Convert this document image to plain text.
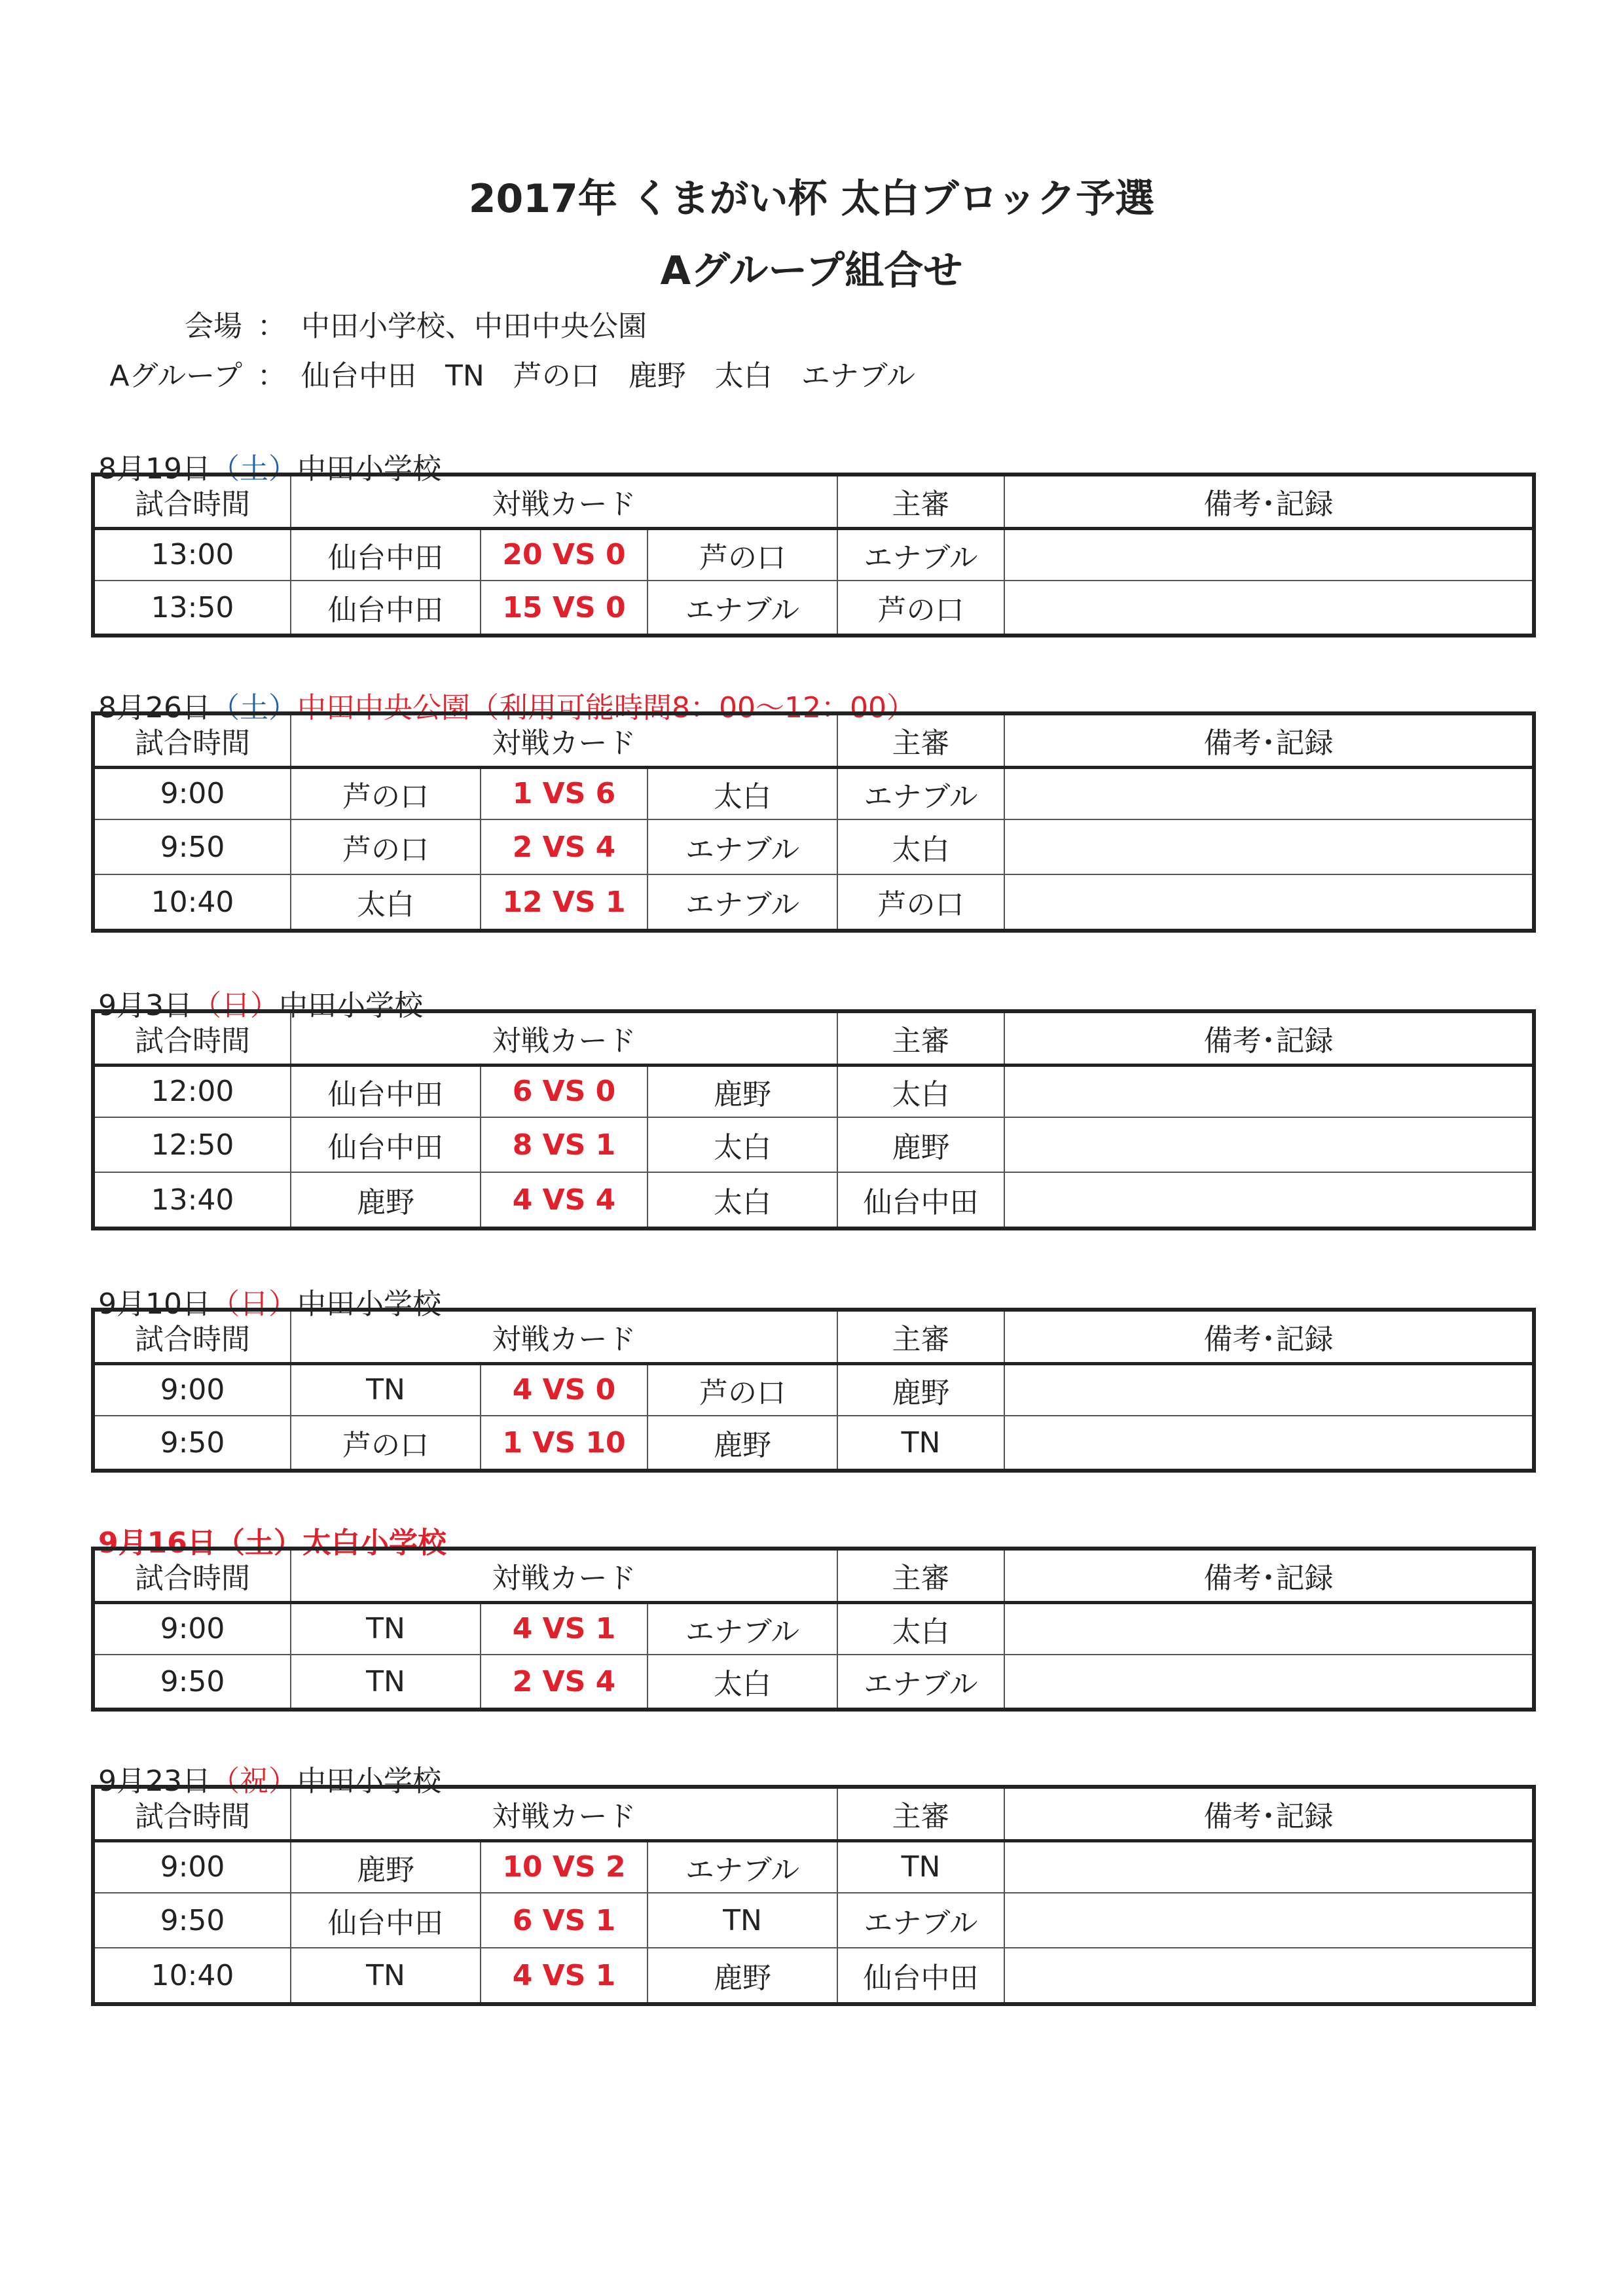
2017年 くまがい杯 太白ブロック予選
Aグループ組合せ
会場 ： 中田小学校、中田中央公園
Aグループ ： 仙台中田　TN　芦の口　鹿野　太白　エナブル
8月19日（土）中田小学校
試合時間	対戦カード			主審	備考･記録
13:00	仙台中田	20 VS 0	芦の口	エナブル	
13:50	仙台中田	15 VS 0	エナブル	芦の口	
8月26日（土）中田中央公園（利用可能時間8：00～12：00）
試合時間	対戦カード			主審	備考･記録
9:00	芦の口	1 VS 6	太白	エナブル	
9:50	芦の口	2 VS 4	エナブル	太白	
10:40	太白	12 VS 1	エナブル	芦の口	
9月3日（日）中田小学校
試合時間	対戦カード			主審	備考･記録
12:00	仙台中田	6 VS 0	鹿野	太白	
12:50	仙台中田	8 VS 1	太白	鹿野	
13:40	鹿野	4 VS 4	太白	仙台中田	
9月10日（日）中田小学校
試合時間	対戦カード			主審	備考･記録
9:00	TN	4 VS 0	芦の口	鹿野	
9:50	芦の口	1 VS 10	鹿野	TN	
9月16日（土）太白小学校
試合時間	対戦カード			主審	備考･記録
9:00	TN	4 VS 1	エナブル	太白	
9:50	TN	2 VS 4	太白	エナブル	
9月23日（祝）中田小学校
試合時間	対戦カード			主審	備考･記録
9:00	鹿野	10 VS 2	エナブル	TN	
9:50	仙台中田	6 VS 1	TN	エナブル	
10:40	TN	4 VS 1	鹿野	仙台中田	
